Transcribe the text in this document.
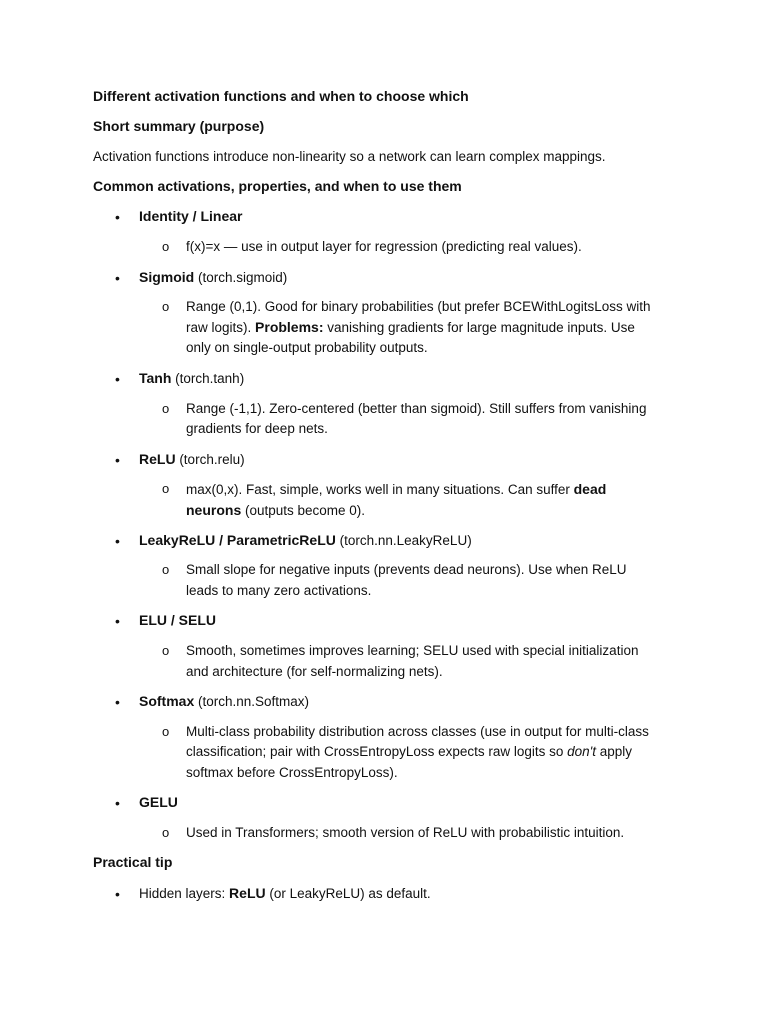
Different activation functions and when to choose which
Short summary (purpose)
Activation functions introduce non-linearity so a network can learn complex mappings.
Common activations, properties, and when to use them
• Identity / Linear
o f(x)=x — use in output layer for regression (predicting real values).
• Sigmoid (torch.sigmoid)
o Range (0,1). Good for binary probabilities (but prefer BCEWithLogitsLoss with
raw logits). Problems: vanishing gradients for large magnitude inputs. Use
only on single-output probability outputs.
• Tanh (torch.tanh)
o Range (-1,1). Zero-centered (better than sigmoid). Still suffers from vanishing
gradients for deep nets.
• ReLU (torch.relu)
o max(0,x). Fast, simple, works well in many situations. Can suffer dead
neurons (outputs become 0).
• LeakyReLU / ParametricReLU (torch.nn.LeakyReLU)
o Small slope for negative inputs (prevents dead neurons). Use when ReLU
leads to many zero activations.
• ELU / SELU
o Smooth, sometimes improves learning; SELU used with special initialization
and architecture (for self-normalizing nets).
• Softmax (torch.nn.Softmax)
o Multi-class probability distribution across classes (use in output for multi-class
classification; pair with CrossEntropyLoss expects raw logits so don't apply
softmax before CrossEntropyLoss).
• GELU
o Used in Transformers; smooth version of ReLU with probabilistic intuition.
Practical tip
• Hidden layers: ReLU (or LeakyReLU) as default.
